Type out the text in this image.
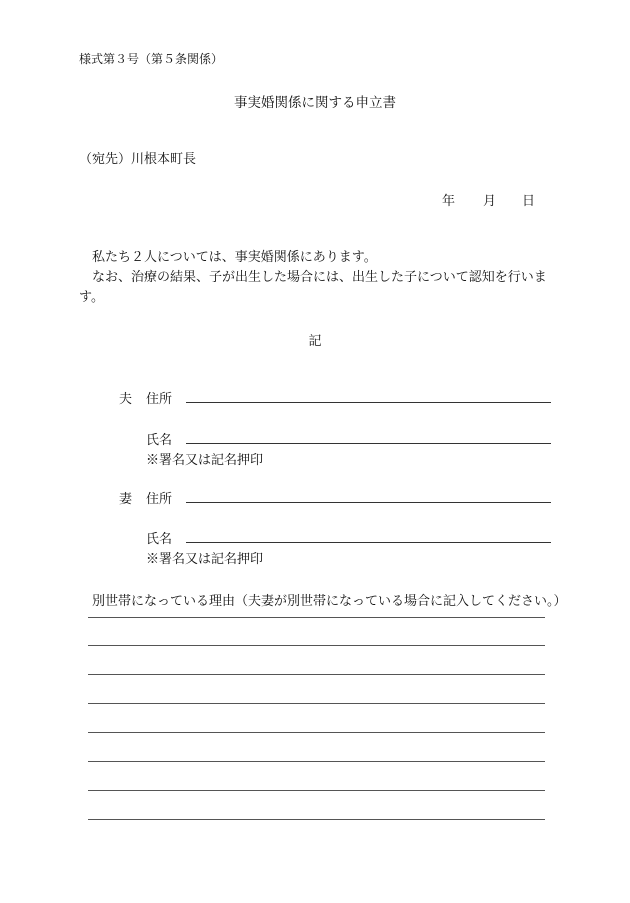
様式第３号（第５条関係）
事実婚関係に関する申立書
（宛先）川根本町長
年 月 日

私たち２人については、事実婚関係にあります。

なお、治療の結果、子が出生した場合には、出生した子について認知を行います。

記
夫 住所
氏名
※署名又は記名押印
妻 住所
氏名
※署名又は記名押印
別世帯になっている理由（夫妻が別世帯になっている場合に記入してください。）
